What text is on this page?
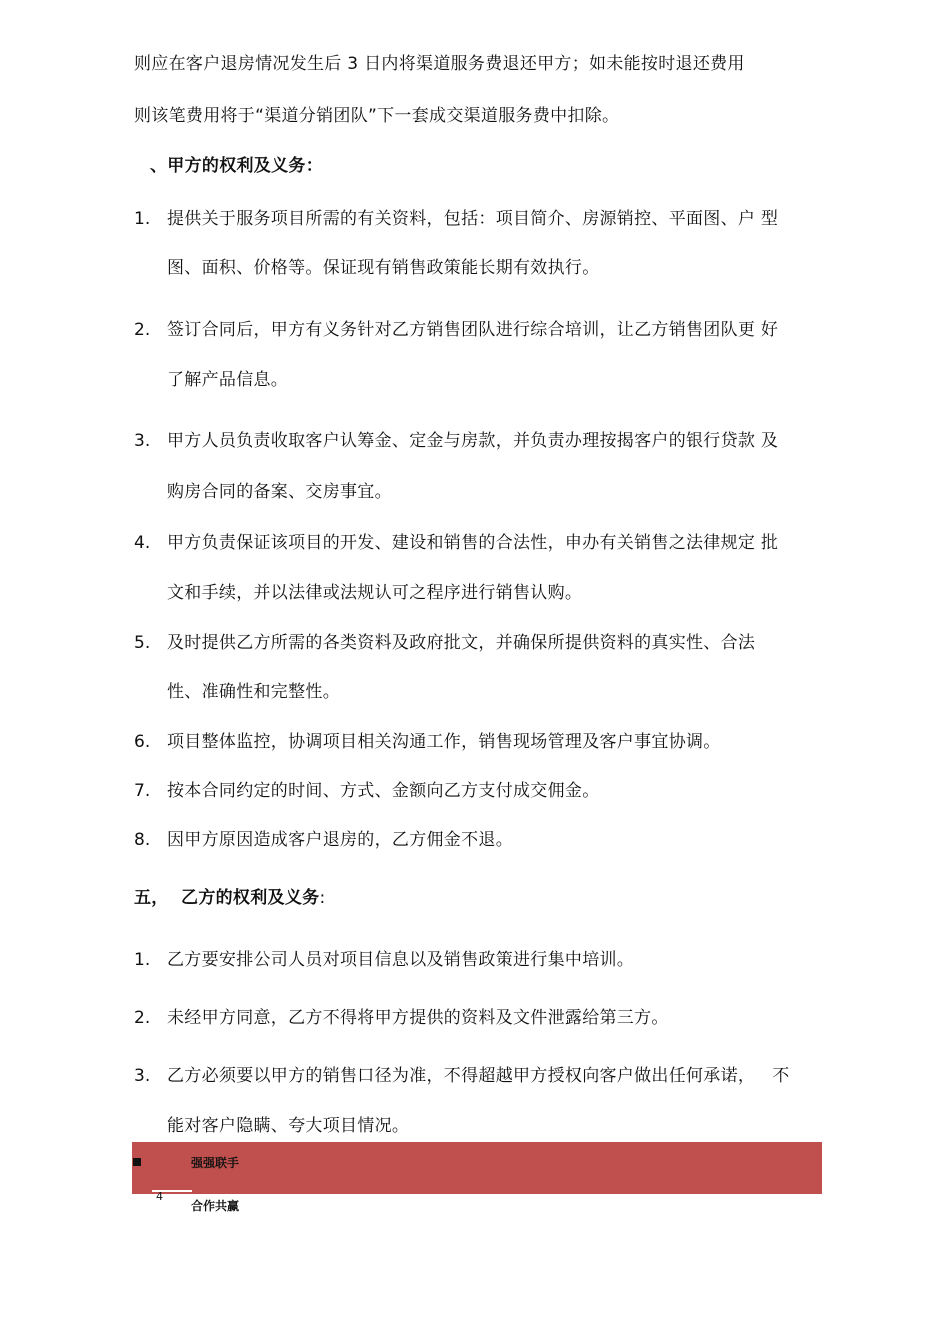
则应在客户退房情况发生后 3 日内将渠道服务费退还甲方；如未能按时退还费用
则该笔费用将于“渠道分销团队”下一套成交渠道服务费中扣除。
、甲方的权利及义务：
1. 提供关于服务项目所需的有关资料，包括：项目简介、房源销控、平面图、户 型
图、面积、价格等。保证现有销售政策能长期有效执行。
2. 签订合同后，甲方有义务针对乙方销售团队进行综合培训，让乙方销售团队更 好
了解产品信息。
3. 甲方人员负责收取客户认筹金、定金与房款，并负责办理按揭客户的银行贷款 及
购房合同的备案、交房事宜。
4. 甲方负责保证该项目的开发、建设和销售的合法性，申办有关销售之法律规定 批
文和手续，并以法律或法规认可之程序进行销售认购。
5. 及时提供乙方所需的各类资料及政府批文，并确保所提供资料的真实性、合法
性、准确性和完整性。
6. 项目整体监控，协调项目相关沟通工作，销售现场管理及客户事宜协调。
7. 按本合同约定的时间、方式、金额向乙方支付成交佣金。
8. 因甲方原因造成客户退房的，乙方佣金不退。
五，  乙方的权利及义务:
1. 乙方要安排公司人员对项目信息以及销售政策进行集中培训。
2. 未经甲方同意，乙方不得将甲方提供的资料及文件泄露给第三方。
3. 乙方必须要以甲方的销售口径为准，不得超越甲方授权向客户做出任何承诺，   不
能对客户隐瞒、夸大项目情况。
强强联手
4
合作共赢
